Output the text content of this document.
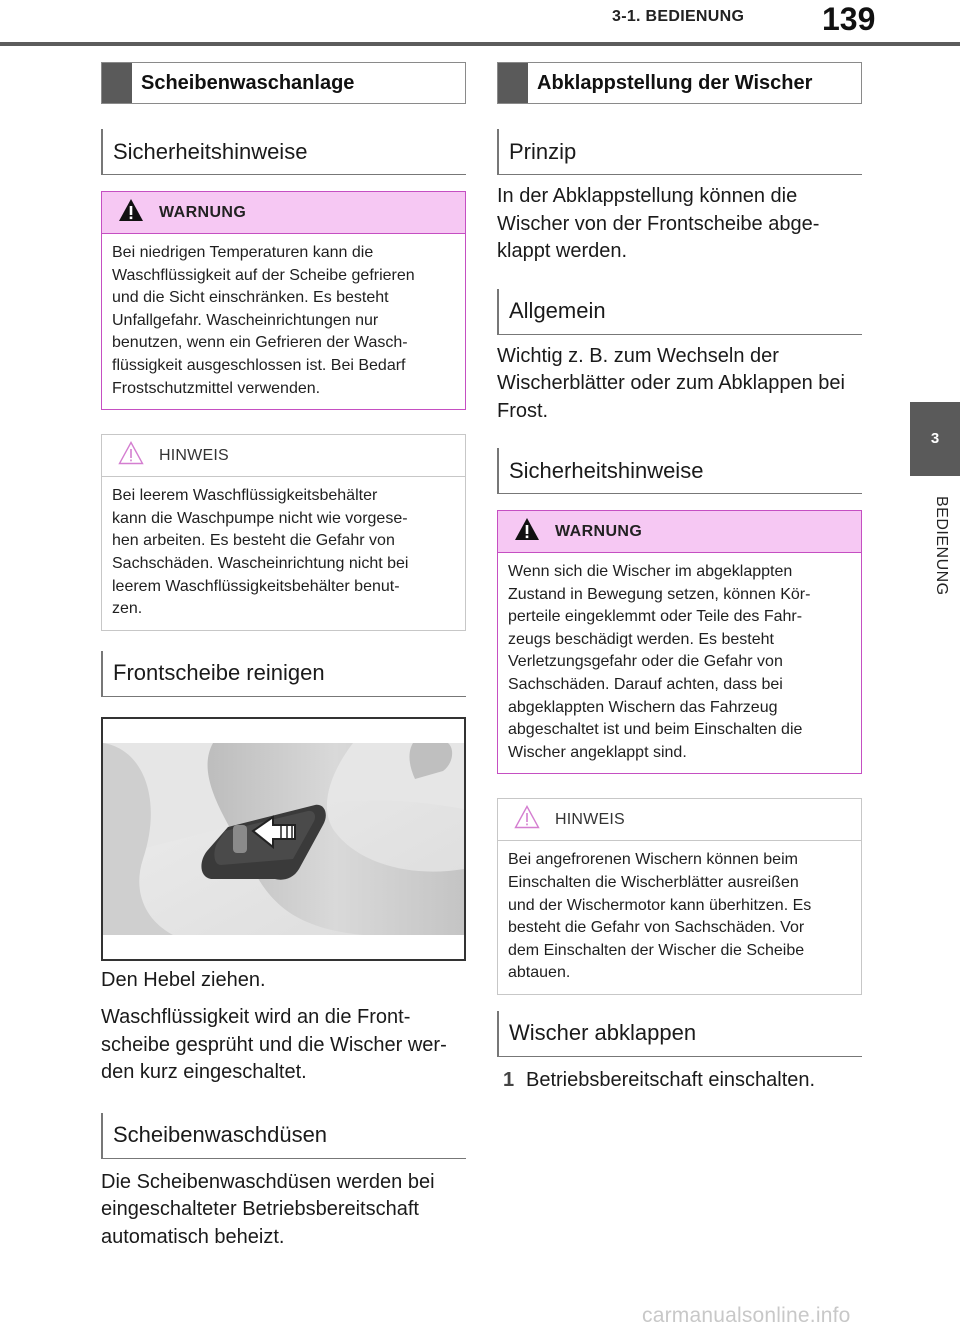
3-1. BEDIENUNG 139
3
BEDIENUNG
Scheibenwaschanlage
Sicherheitshinweise
WARNUNG
Bei niedrigen Temperaturen kann die
Waschflüssigkeit auf der Scheibe gefrieren
und die Sicht einschränken. Es besteht
Unfallgefahr. Wascheinrichtungen nur
benutzen, wenn ein Gefrieren der Wasch-
flüssigkeit ausgeschlossen ist. Bei Bedarf
Frostschutzmittel verwenden.
HINWEIS
Bei leerem Waschflüssigkeitsbehälter
kann die Waschpumpe nicht wie vorgese-
hen arbeiten. Es besteht die Gefahr von
Sachschäden. Wascheinrichtung nicht bei
leerem Waschflüssigkeitsbehälter benut-
zen.
Frontscheibe reinigen
Den Hebel ziehen.
Waschflüssigkeit wird an die Front-
scheibe gesprüht und die Wischer wer-
den kurz eingeschaltet.
Scheibenwaschdüsen
Die Scheibenwaschdüsen werden bei
eingeschalteter Betriebsbereitschaft
automatisch beheizt.
Abklappstellung der Wischer
Prinzip
In der Abklappstellung können die
Wischer von der Frontscheibe abge-
klappt werden.
Allgemein
Wichtig z. B. zum Wechseln der
Wischerblätter oder zum Abklappen bei
Frost.
Sicherheitshinweise
WARNUNG
Wenn sich die Wischer im abgeklappten
Zustand in Bewegung setzen, können Kör-
perteile eingeklemmt oder Teile des Fahr-
zeugs beschädigt werden. Es besteht
Verletzungsgefahr oder die Gefahr von
Sachschäden. Darauf achten, dass bei
abgeklappten Wischern das Fahrzeug
abgeschaltet ist und beim Einschalten die
Wischer angeklappt sind.
HINWEIS
Bei angefrorenen Wischern können beim
Einschalten die Wischerblätter ausreißen
und der Wischermotor kann überhitzen. Es
besteht die Gefahr von Sachschäden. Vor
dem Einschalten der Wischer die Scheibe
abtauen.
Wischer abklappen
1 Betriebsbereitschaft einschalten.
carmanualsonline.info
